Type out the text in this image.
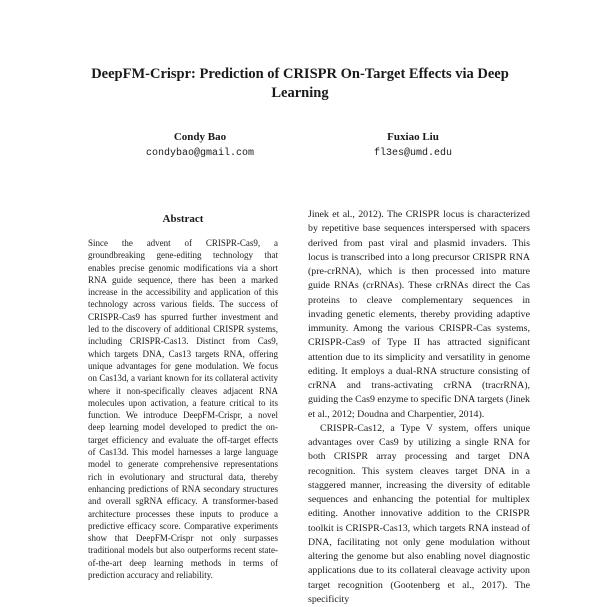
DeepFM-Crispr: Prediction of CRISPR On-Target Effects via Deep Learning
Condy Bao
condybao@gmail.com
Fuxiao Liu
fl3es@umd.edu
Abstract

Since the advent of CRISPR-Cas9, a groundbreaking gene-editing technology that enables precise genomic modifications via a short RNA guide sequence, there has been a marked increase in the accessibility and application of this technology across various fields. The success of CRISPR-Cas9 has spurred further investment and led to the discovery of additional CRISPR systems, including CRISPR-Cas13. Distinct from Cas9, which targets DNA, Cas13 targets RNA, offering unique advantages for gene modulation. We focus on Cas13d, a variant known for its collateral activity where it non-specifically cleaves adjacent RNA molecules upon activation, a feature critical to its function. We introduce DeepFM-Crispr, a novel deep learning model developed to predict the on-target efficiency and evaluate the off-target effects of Cas13d. This model harnesses a large language model to generate comprehensive representations rich in evolutionary and structural data, thereby enhancing predictions of RNA secondary structures and overall sgRNA efficacy. A transformer-based architecture processes these inputs to produce a predictive efficacy score. Comparative experiments show that DeepFM-Crispr not only surpasses traditional models but also outperforms recent state-of-the-art deep learning methods in terms of prediction accuracy and reliability.

Jinek et al., 2012). The CRISPR locus is characterized by repetitive base sequences interspersed with spacers derived from past viral and plasmid invaders. This locus is transcribed into a long precursor CRISPR RNA (pre-crRNA), which is then processed into mature guide RNAs (crRNAs). These crRNAs direct the Cas proteins to cleave complementary sequences in invading genetic elements, thereby providing adaptive immunity. Among the various CRISPR-Cas systems, CRISPR-Cas9 of Type II has attracted significant attention due to its simplicity and versatility in genome editing. It employs a dual-RNA structure consisting of crRNA and trans-activating crRNA (tracrRNA), guiding the Cas9 enzyme to specific DNA targets (Jinek et al., 2012; Doudna and Charpentier, 2014).

CRISPR-Cas12, a Type V system, offers unique advantages over Cas9 by utilizing a single RNA for both CRISPR array processing and target DNA recognition. This system cleaves target DNA in a staggered manner, increasing the diversity of editable sequences and enhancing the potential for multiplex editing. Another innovative addition to the CRISPR toolkit is CRISPR-Cas13, which targets RNA instead of DNA, facilitating not only gene modulation without altering the genome but also enabling novel diagnostic applications due to its collateral cleavage activity upon target recognition (Gootenberg et al., 2017). The specificity
